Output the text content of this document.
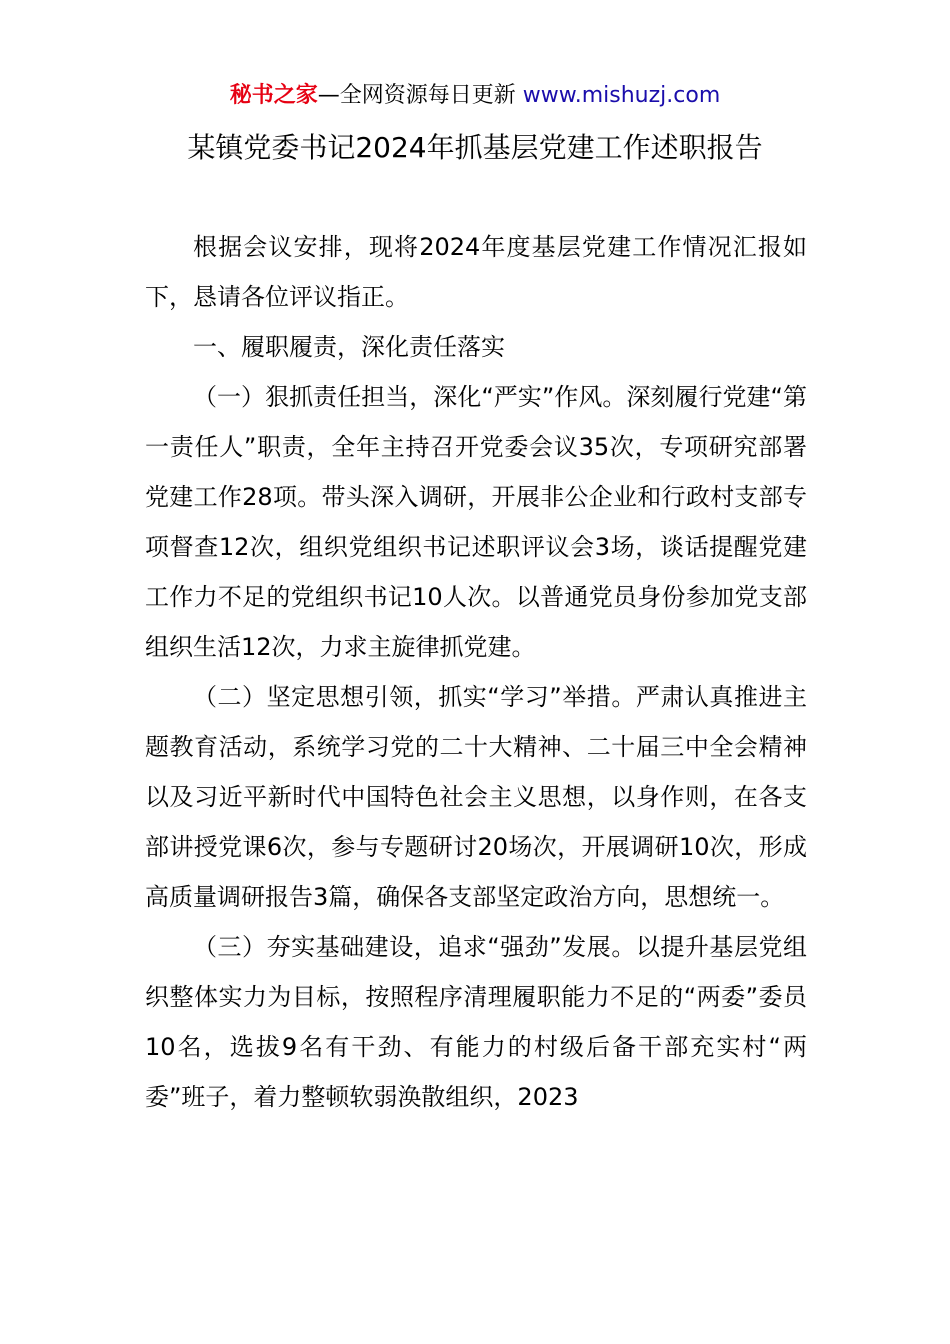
秘书之家—全网资源每日更新 www.mishuzj.com
某镇党委书记2024年抓基层党建工作述职报告

根据会议安排，现将2024年度基层党建工作情况汇报如下，恳请各位评议指正。

一、履职履责，深化责任落实

（一）狠抓责任担当，深化“严实”作风。深刻履行党建“第一责任人”职责，全年主持召开党委会议35次，专项研究部署党建工作28项。带头深入调研，开展非公企业和行政村支部专项督查12次，组织党组织书记述职评议会3场，谈话提醒党建工作力不足的党组织书记10人次。以普通党员身份参加党支部组织生活12次，力求主旋律抓党建。

（二）坚定思想引领，抓实“学习”举措。严肃认真推进主题教育活动，系统学习党的二十大精神、二十届三中全会精神以及习近平新时代中国特色社会主义思想，以身作则，在各支部讲授党课6次，参与专题研讨20场次，开展调研10次，形成高质量调研报告3篇，确保各支部坚定政治方向，思想统一。

（三）夯实基础建设，追求“强劲”发展。以提升基层党组织整体实力为目标，按照程序清理履职能力不足的“两委”委员10名，选拔9名有干劲、有能力的村级后备干部充实村“两委”班子，着力整顿软弱涣散组织，2023
